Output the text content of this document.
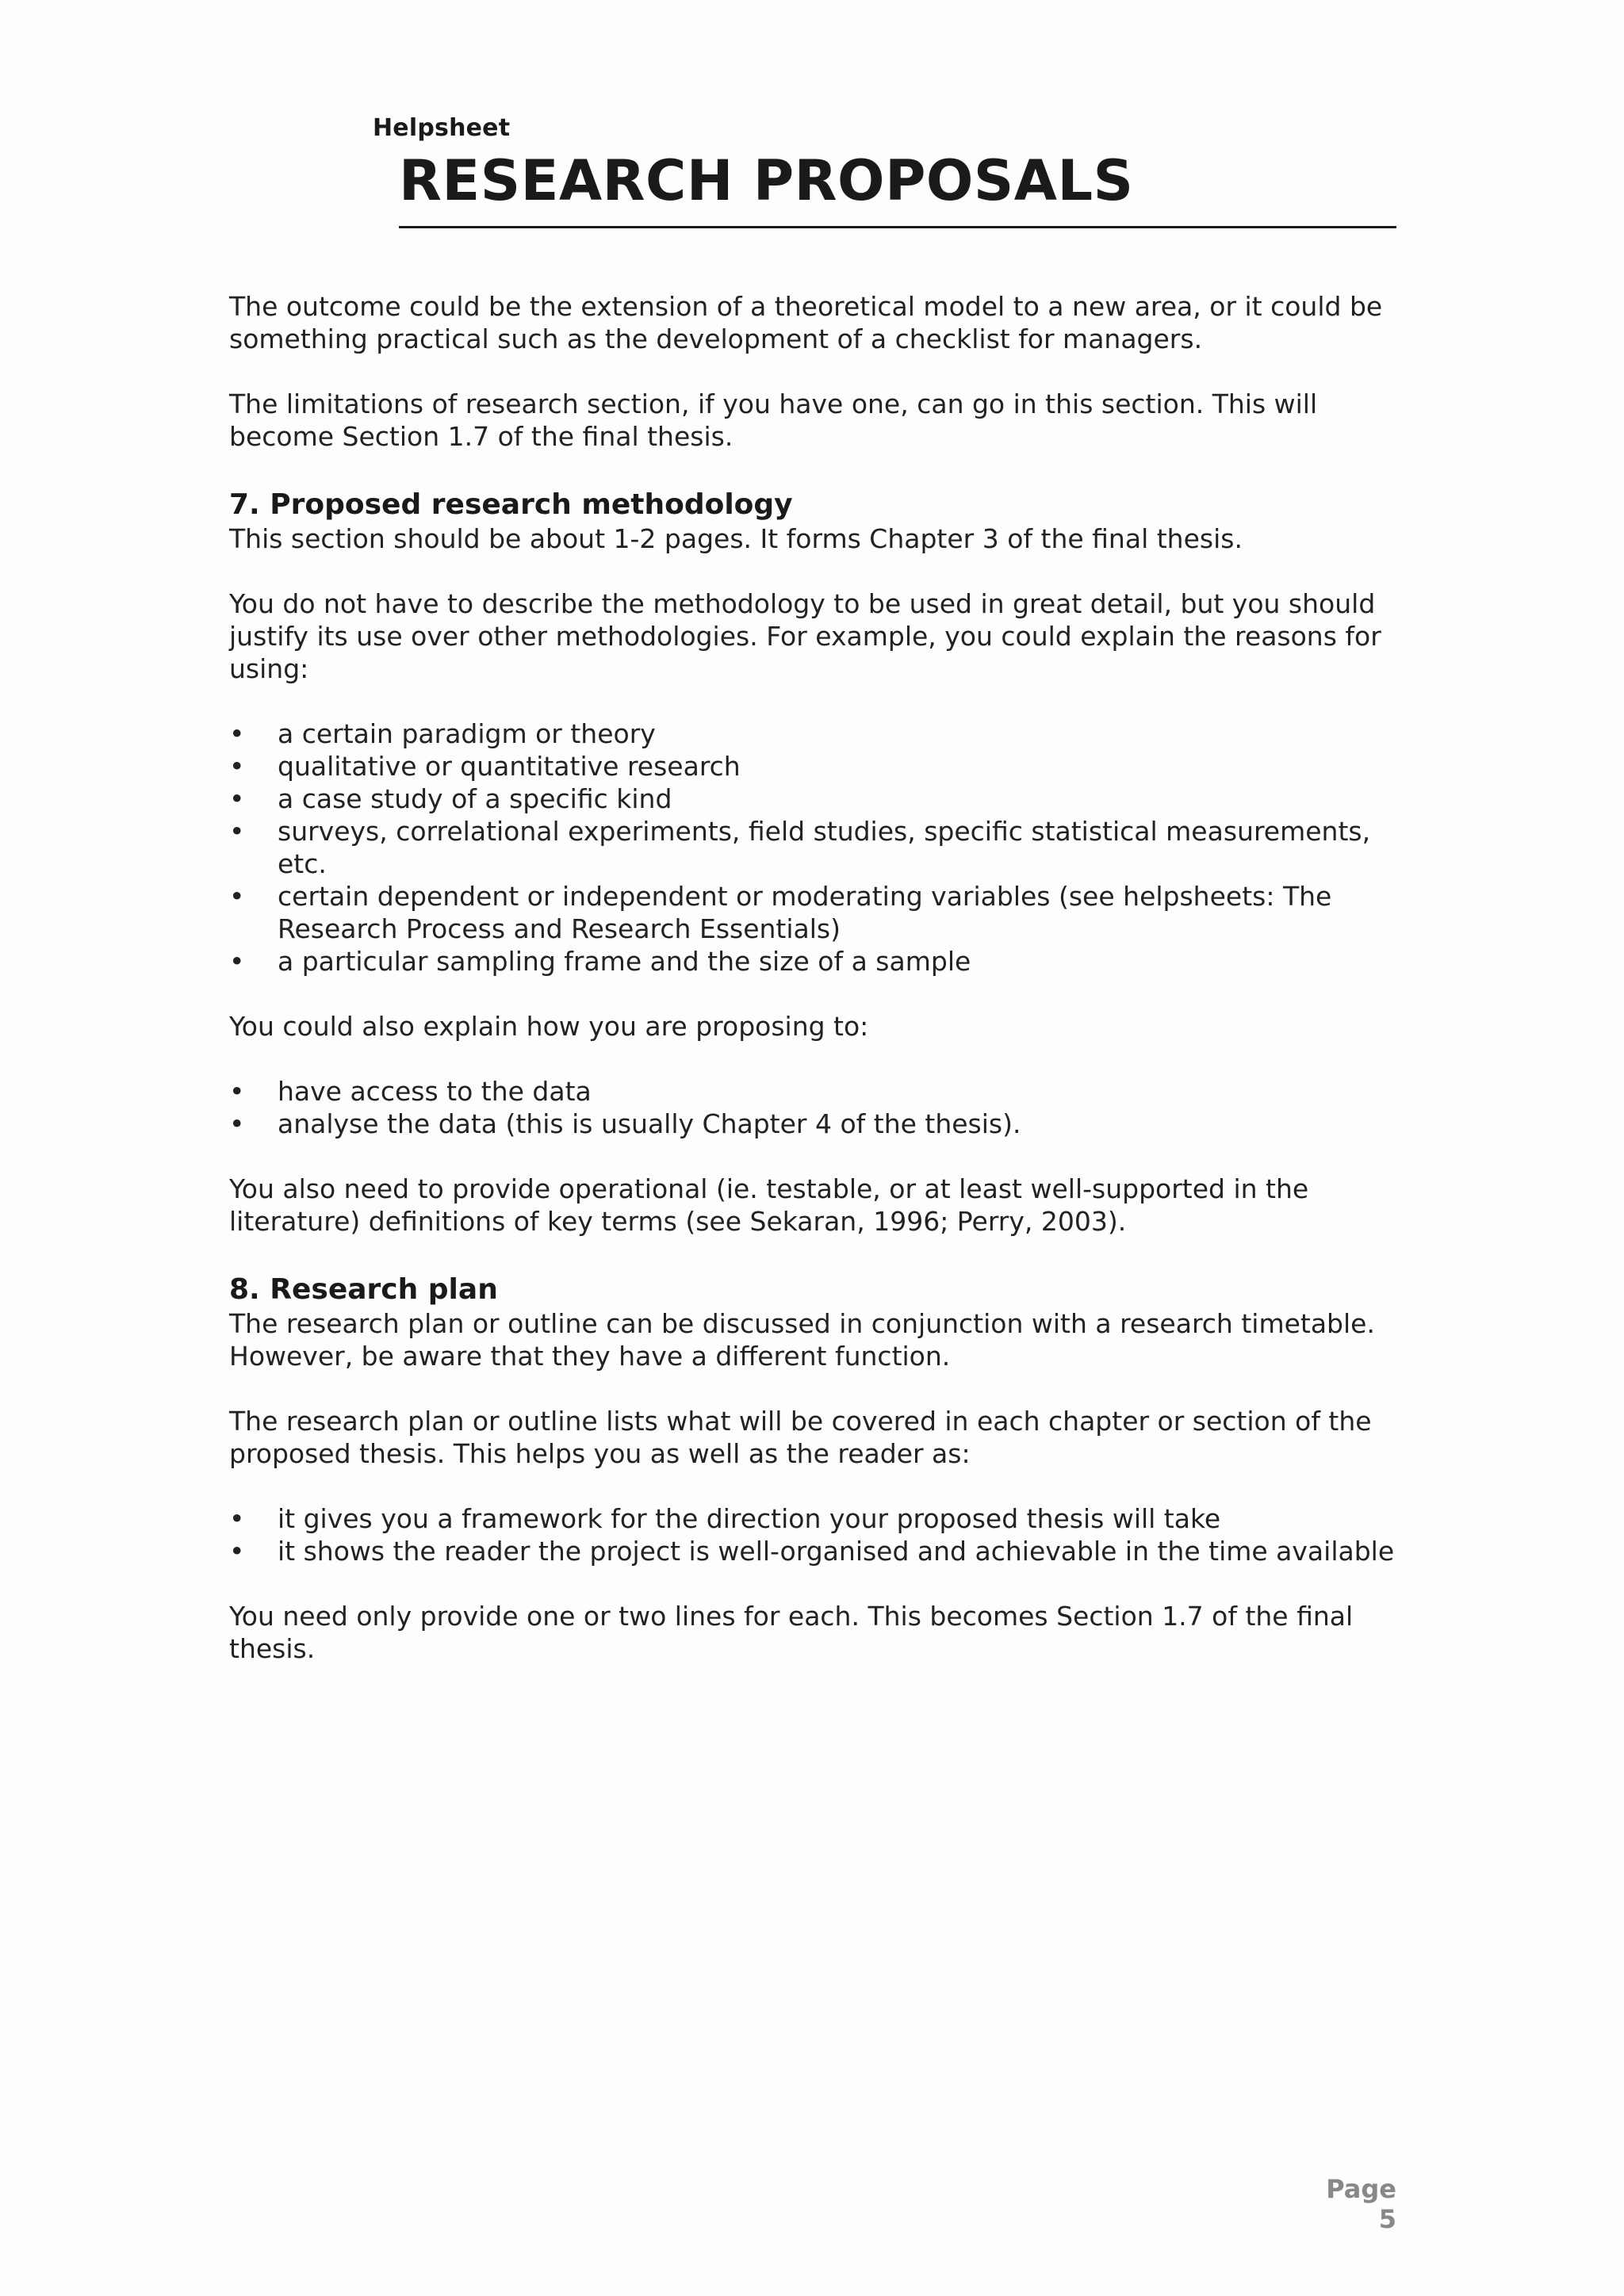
Helpsheet
RESEARCH PROPOSALS

The outcome could be the extension of a theoretical model to a new area, or it could be something practical such as the development of a checklist for managers.

The limitations of research section, if you have one, can go in this section. This will become Section 1.7 of the final thesis.

7. Proposed research methodology

This section should be about 1-2 pages. It forms Chapter 3 of the final thesis.

You do not have to describe the methodology to be used in great detail, but you should justify its use over other methodologies. For example, you could explain the reasons for using:

• a certain paradigm or theory
• qualitative or quantitative research
• a case study of a specific kind
• surveys, correlational experiments, field studies, specific statistical measurements, etc.
• certain dependent or independent or moderating variables (see helpsheets: The Research Process and Research Essentials)
• a particular sampling frame and the size of a sample

You could also explain how you are proposing to:

• have access to the data
• analyse the data (this is usually Chapter 4 of the thesis).

You also need to provide operational (ie. testable, or at least well-supported in the literature) definitions of key terms (see Sekaran, 1996; Perry, 2003).

8. Research plan

The research plan or outline can be discussed in conjunction with a research timetable. However, be aware that they have a different function.

The research plan or outline lists what will be covered in each chapter or section of the proposed thesis. This helps you as well as the reader as:

• it gives you a framework for the direction your proposed thesis will take
• it shows the reader the project is well-organised and achievable in the time available

You need only provide one or two lines for each. This becomes Section 1.7 of the final thesis.

Page 5
